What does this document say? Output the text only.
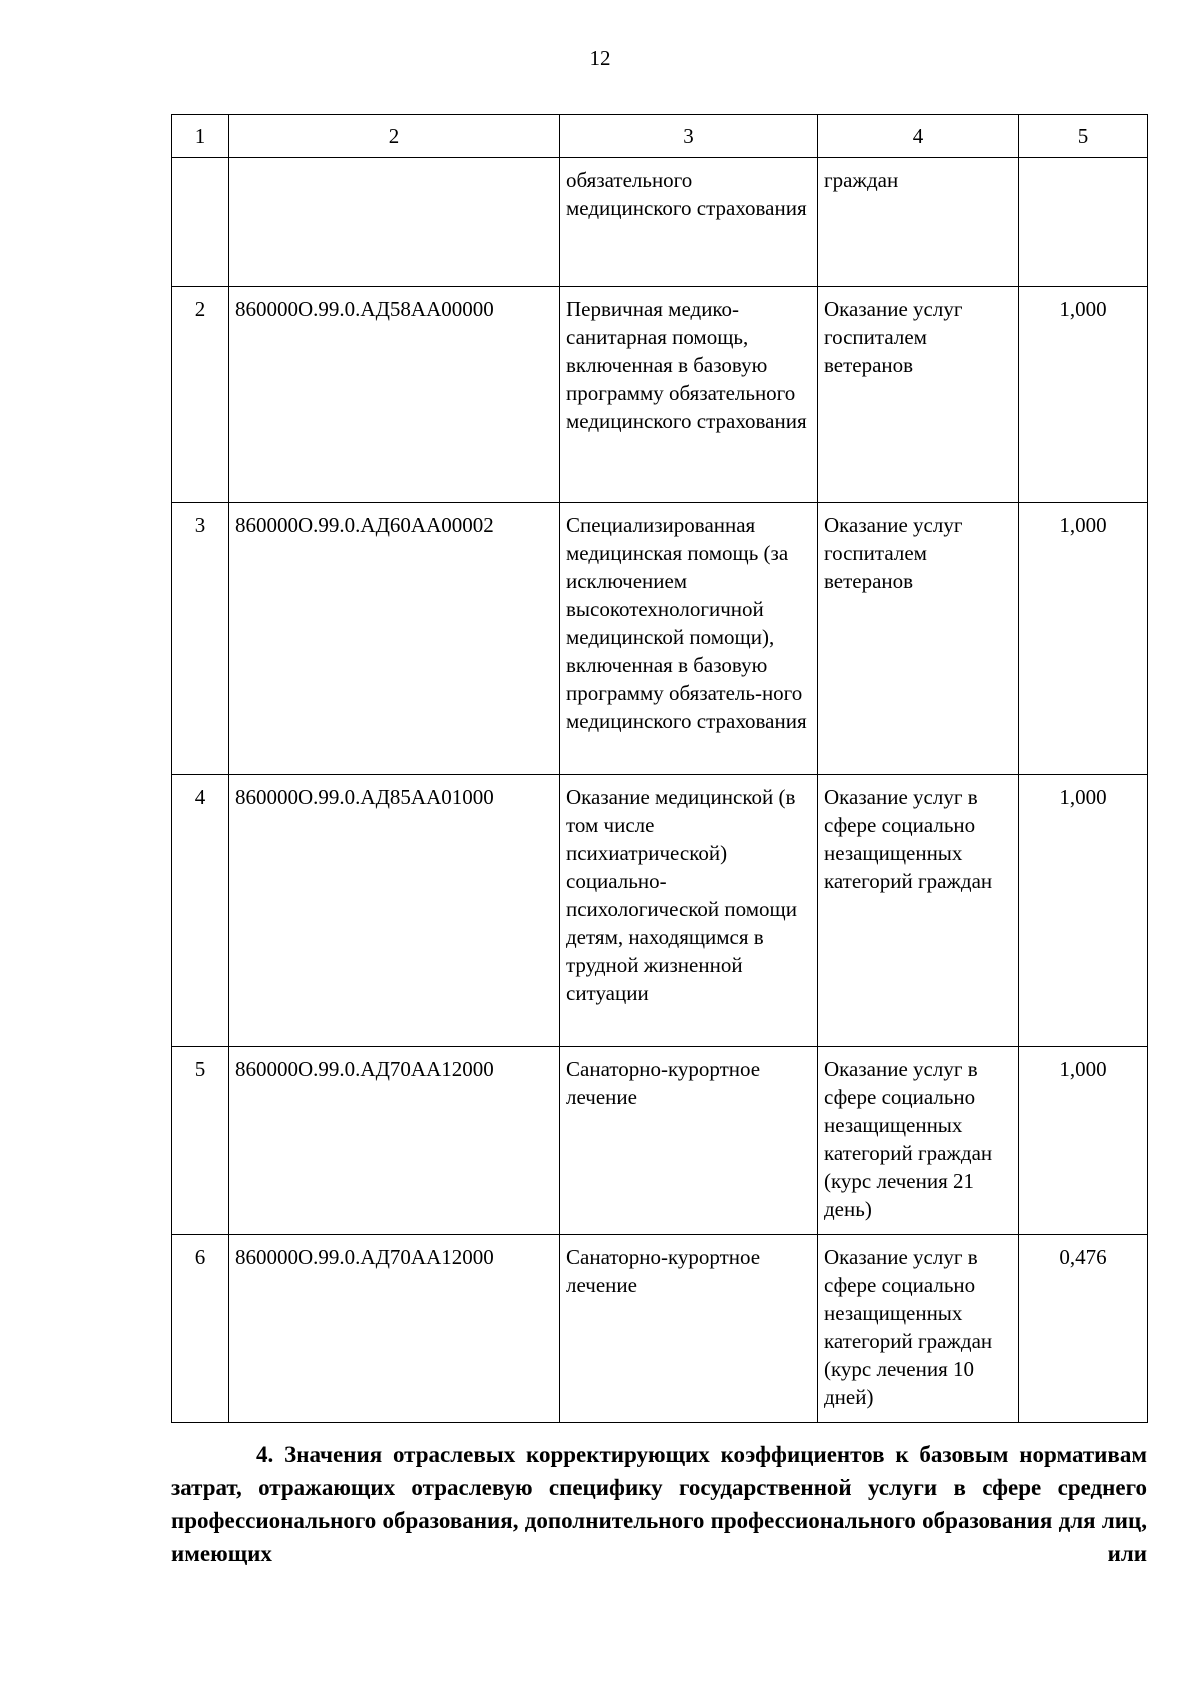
12
1	2	3	4	5
		обязательного медицинского страхования	граждан	
2	860000О.99.0.АД58АА00000	Первичная медико-санитарная помощь, включенная в базовую программу обязательного медицинского страхования	Оказание услуг госпиталем ветеранов	1,000
3	860000О.99.0.АД60АА00002	Специализированная медицинская помощь (за исключением высокотехнологичной медицинской помощи), включенная в базовую программу обязатель-ного медицинского страхования	Оказание услуг госпиталем ветеранов	1,000
4	860000О.99.0.АД85АА01000	Оказание медицинской (в том числе психиатрической) социально-психологической помощи детям, находящимся в трудной жизненной ситуации	Оказание услуг в сфере социально незащищенных категорий граждан	1,000
5	860000О.99.0.АД70АА12000	Санаторно-курортное лечение	Оказание услуг в сфере социально незащищенных категорий граждан (курс лечения 21 день)	1,000
6	860000О.99.0.АД70АА12000	Санаторно-курортное лечение	Оказание услуг в сфере социально незащищенных категорий граждан (курс лечения 10 дней)	0,476
4. Значения отраслевых корректирующих коэффициентов к базовым нормативам затрат, отражающих отраслевую специфику государственной услуги в сфере среднего профессионального образования, дополнительного профессионального образования для лиц, имеющих или
